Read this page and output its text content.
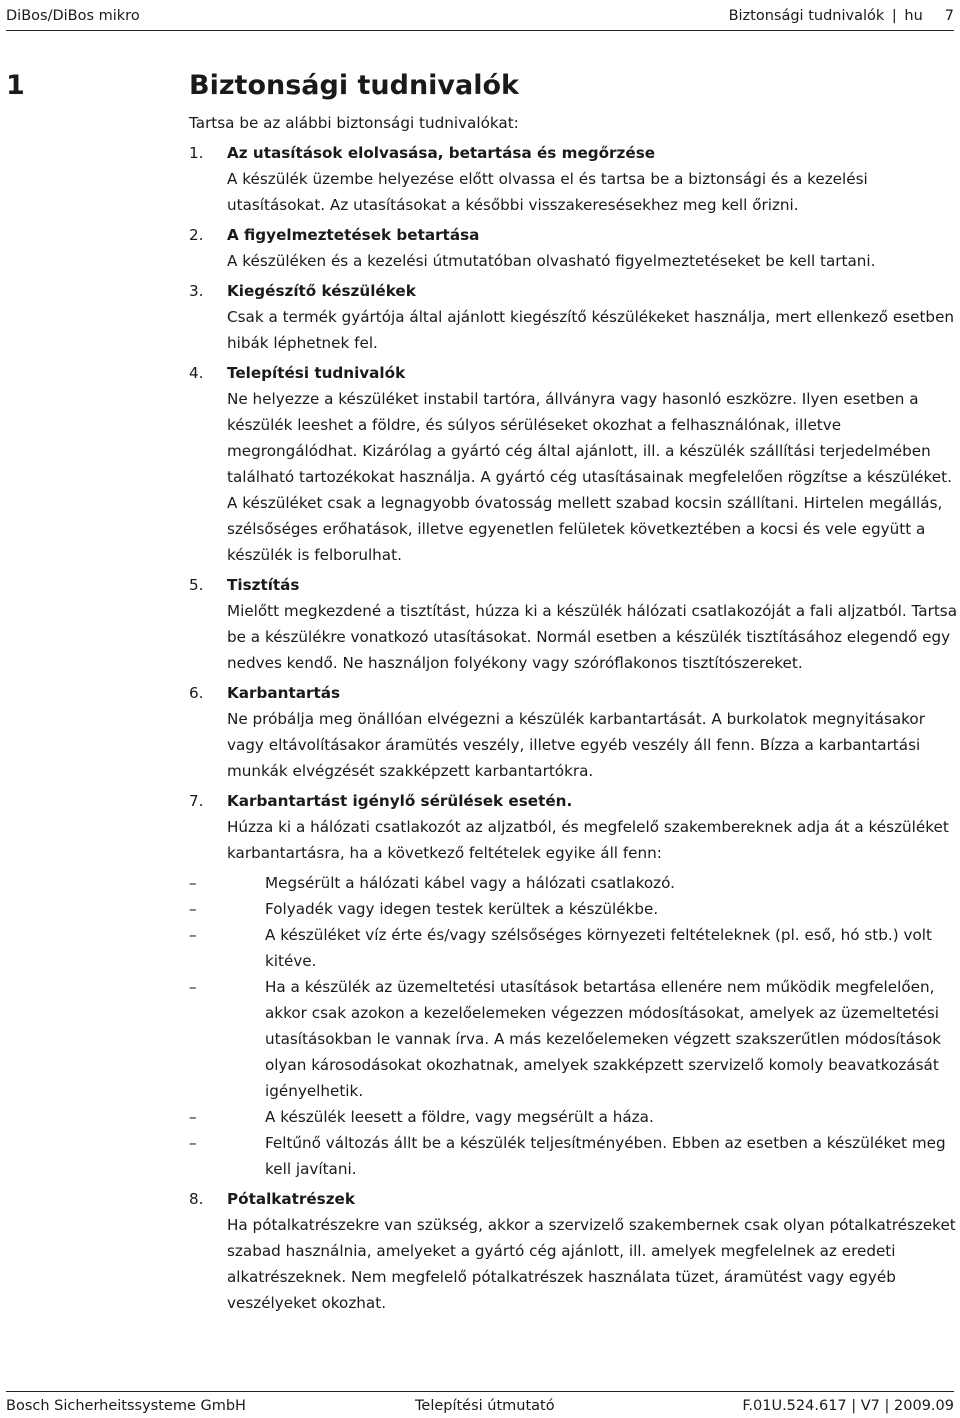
DiBos/DiBos mikro	Biztonsági tudnivalók | hu 7
1	Biztonsági tudnivalók
Tartsa be az alábbi biztonsági tudnivalókat:
1. Az utasítások elolvasása, betartása és megőrzése
A készülék üzembe helyezése előtt olvassa el és tartsa be a biztonsági és a kezelési utasításokat. Az utasításokat a későbbi visszakeresésekhez meg kell őrizni.
2. A figyelmeztetések betartása
A készüléken és a kezelési útmutatóban olvasható figyelmeztetéseket be kell tartani.
3. Kiegészítő készülékek
Csak a termék gyártója által ajánlott kiegészítő készülékeket használja, mert ellenkező esetben hibák léphetnek fel.
4. Telepítési tudnivalók
Ne helyezze a készüléket instabil tartóra, állványra vagy hasonló eszközre. Ilyen esetben a készülék leeshet a földre, és súlyos sérüléseket okozhat a felhasználónak, illetve megrongálódhat. Kizárólag a gyártó cég által ajánlott, ill. a készülék szállítási terjedelmében található tartozékokat használja. A gyártó cég utasításainak megfelelően rögzítse a készüléket. A készüléket csak a legnagyobb óvatosság mellett szabad kocsin szállítani. Hirtelen megállás, szélsőséges erőhatások, illetve egyenetlen felületek következtében a kocsi és vele együtt a készülék is felborulhat.
5. Tisztítás
Mielőtt megkezdené a tisztítást, húzza ki a készülék hálózati csatlakozóját a fali aljzatból. Tartsa be a készülékre vonatkozó utasításokat. Normál esetben a készülék tisztításához elegendő egy nedves kendő. Ne használjon folyékony vagy szóróflakonos tisztítószereket.
6. Karbantartás
Ne próbálja meg önállóan elvégezni a készülék karbantartását. A burkolatok megnyitásakor vagy eltávolításakor áramütés veszély, illetve egyéb veszély áll fenn. Bízza a karbantartási munkák elvégzését szakképzett karbantartókra.
7. Karbantartást igénylő sérülések esetén.
Húzza ki a hálózati csatlakozót az aljzatból, és megfelelő szakembereknek adja át a készüléket karbantartásra, ha a következő feltételek egyike áll fenn:
–	Megsérült a hálózati kábel vagy a hálózati csatlakozó.
–	Folyadék vagy idegen testek kerültek a készülékbe.
–	A készüléket víz érte és/vagy szélsőséges környezeti feltételeknek (pl. eső, hó stb.) volt kitéve.
–	Ha a készülék az üzemeltetési utasítások betartása ellenére nem működik megfelelően, akkor csak azokon a kezelőelemeken végezzen módosításokat, amelyek az üzemeltetési utasításokban le vannak írva. A más kezelőelemeken végzett szakszerűtlen módosítások olyan károsodásokat okozhatnak, amelyek szakképzett szervizelő komoly beavatkozását igényelhetik.
–	A készülék leesett a földre, vagy megsérült a háza.
–	Feltűnő változás állt be a készülék teljesítményében. Ebben az esetben a készüléket meg kell javítani.
8. Pótalkatrészek
Ha pótalkatrészekre van szükség, akkor a szervizelő szakembernek csak olyan pótalkatrészeket szabad használnia, amelyeket a gyártó cég ajánlott, ill. amelyek megfelelnek az eredeti alkatrészeknek. Nem megfelelő pótalkatrészek használata tüzet, áramütést vagy egyéb veszélyeket okozhat.
Bosch Sicherheitssysteme GmbH	Telepítési útmutató	F.01U.524.617 | V7 | 2009.09
